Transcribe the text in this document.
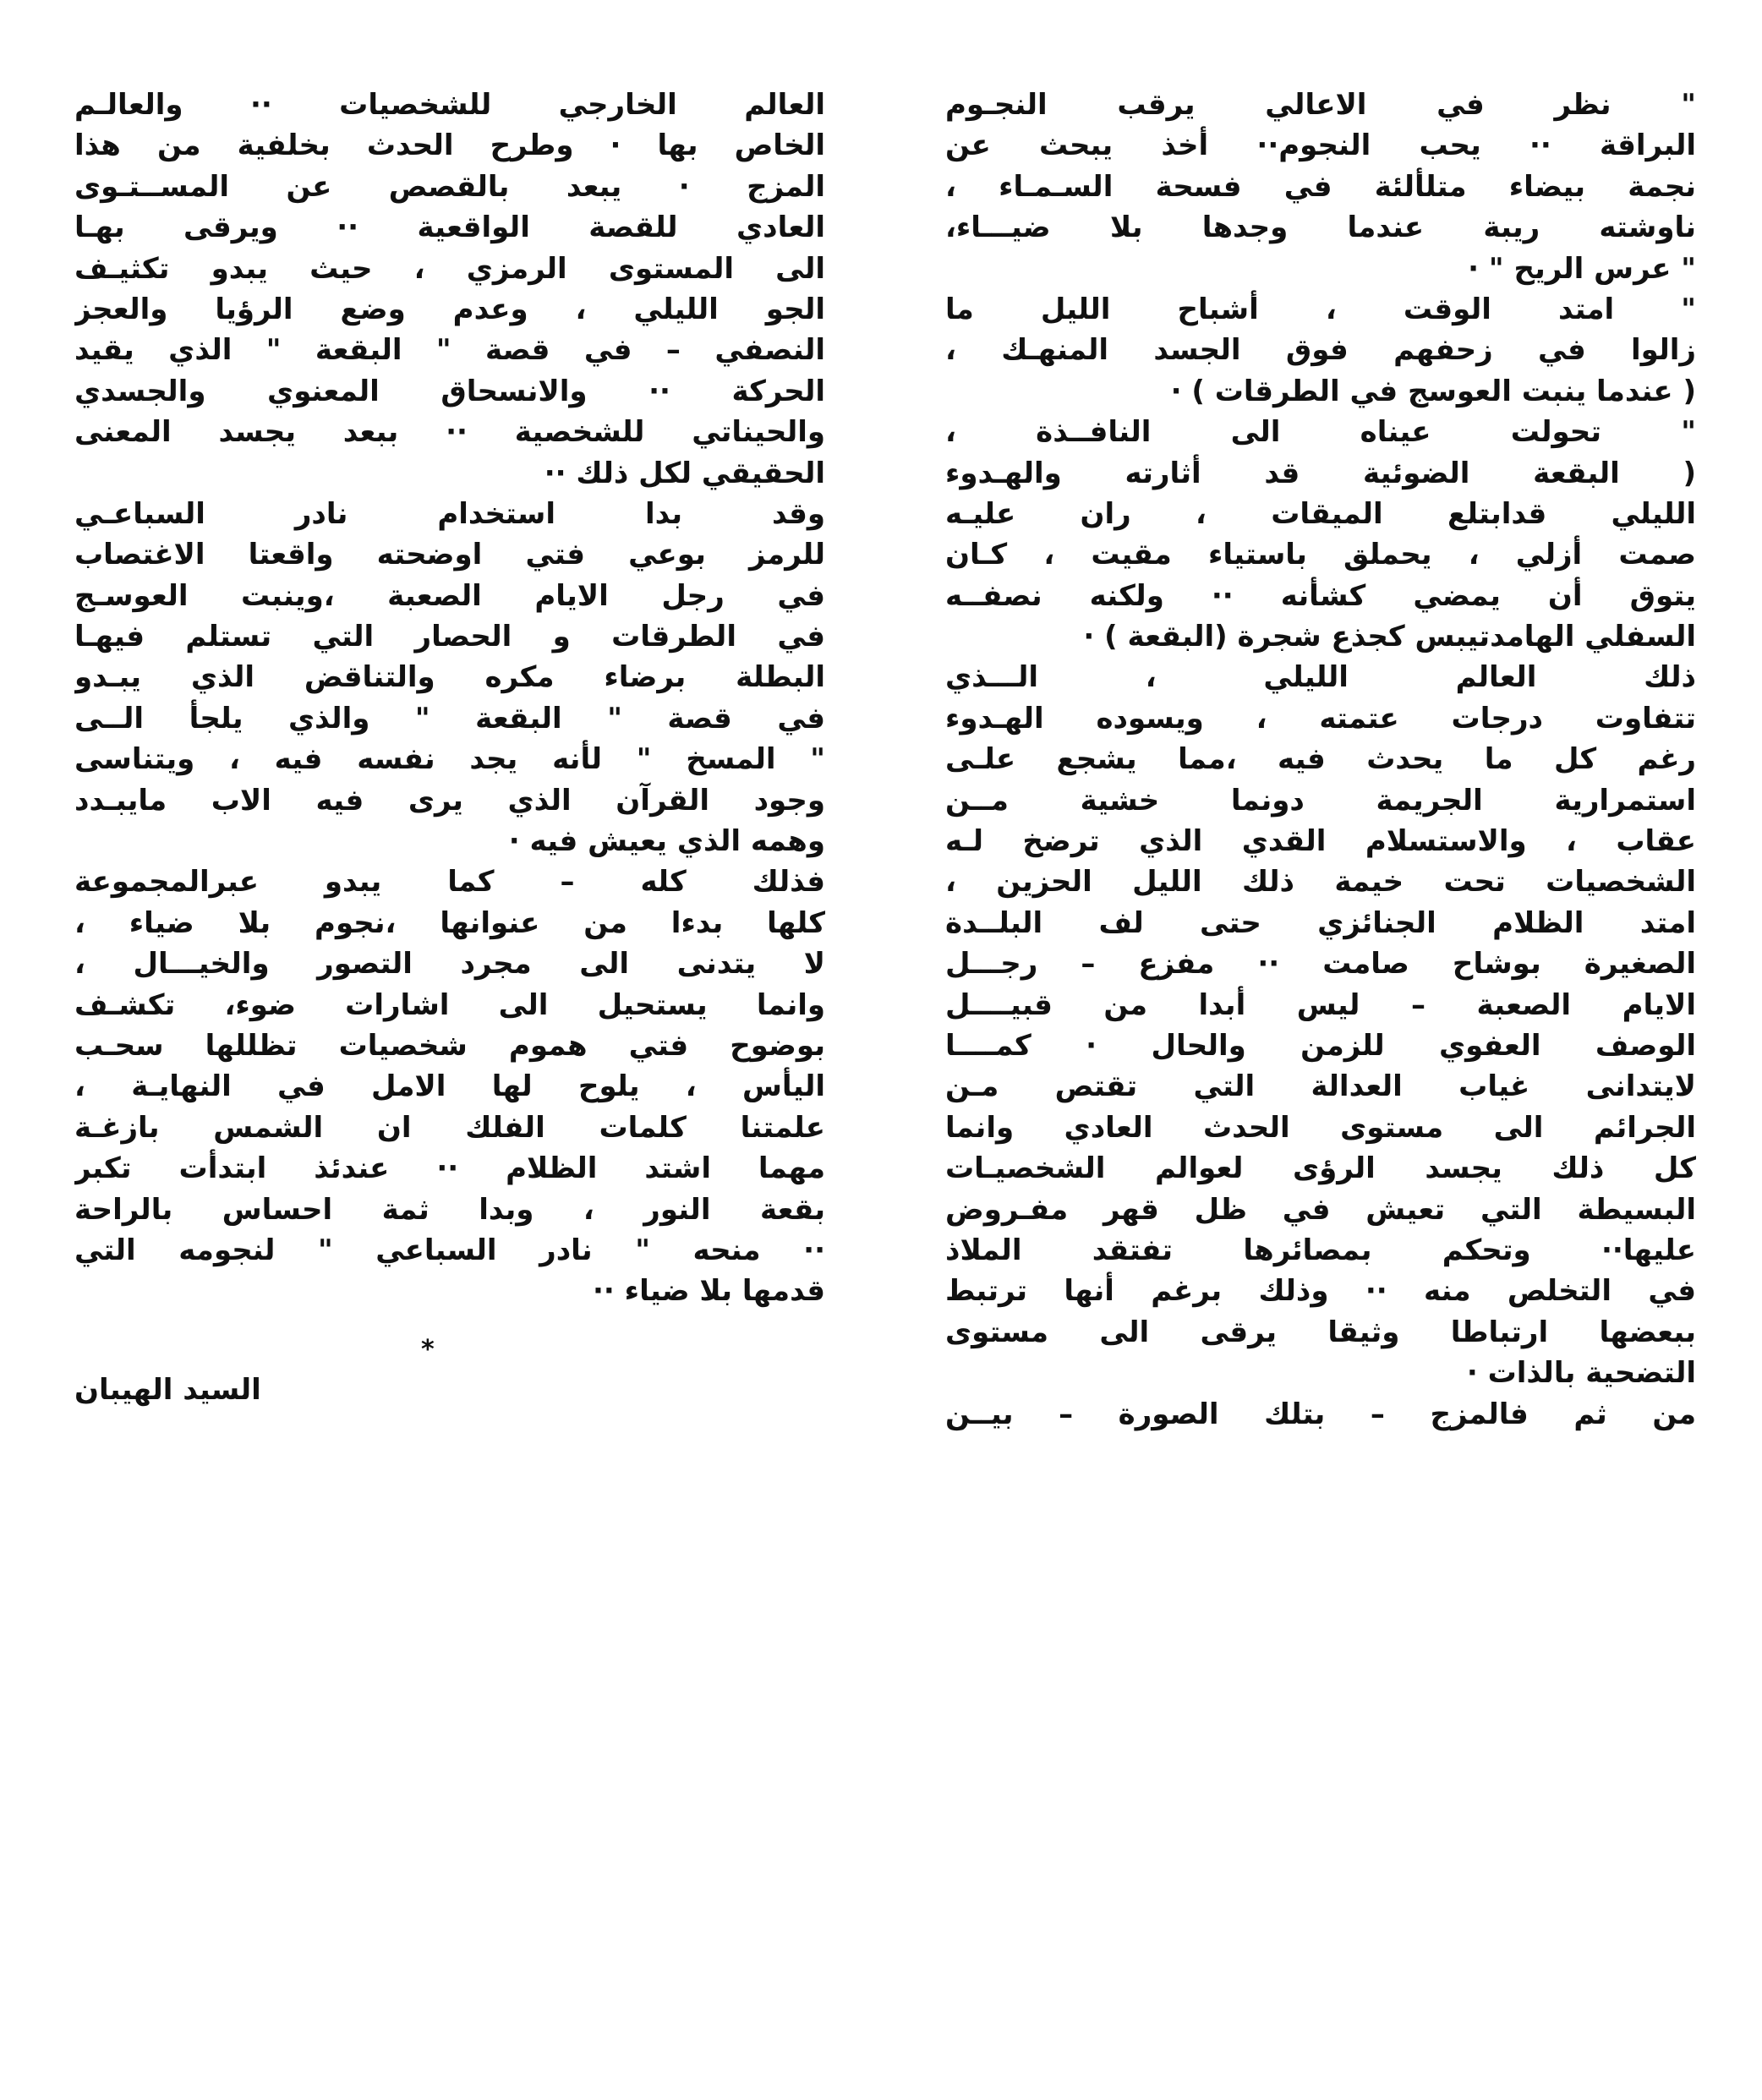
" نظر في الاعالي يرقب النجـوم
البراقة ·· يحب النجوم·· أخذ يبحث عن
نجمة بيضاء متلألئة في فسحة السـمـاء ،
ناوشته ريبة عندما وجدها بلا ضيـــاء،
" عرس الريح " ·
" امتد الوقت ، أشباح الليل ما
زالوا في زحفهم فوق الجسد المنهـك ،
( عندما ينبت العوسج في الطرقات ) ·
" تحولت عيناه الى النافــذة ،
( البقعة الضوئية قد أثارته والهـدوء
الليلي قدابتلع الميقات ، ران عليـه
صمت أزلي ، يحملق باستياء مقيت ، كـان
يتوق أن يمضي كشأنه ·· ولكنه نصفــه
السفلي الهامدتيبس كجذع شجرة (البقعة ) ·
ذلك العالم الليلي ، الـــذي
تتفاوت درجات عتمته ، ويسوده الهـدوء
رغم كل ما يحدث فيه ،مما يشجع علـى
استمرارية الجريمة دونما خشية مــن
عقاب ، والاستسلام القدي الذي ترضخ لـه
الشخصيات تحت خيمة ذلك الليل الحزين ،
امتد الظلام الجنائزي حتى لف البلــدة
الصغيرة بوشاح صامت ·· مفزع – رجـــل
الايام الصعبة – ليس أبدا من قبيــــل
الوصف العفوي للزمن والحال · كمــــا
لايتدانى غياب العدالة التي تقتص مـن
الجرائم الى مستوى الحدث العادي وانما
كل ذلك يجسد الرؤى لعوالم الشخصيـات
البسيطة التي تعيش في ظل قهر مفـروض
عليها·· وتحكم بمصائرها تفتقد الملاذ
في التخلص منه ·· وذلك برغم أنها ترتبط
ببعضها ارتباطا وثيقا يرقى الى مستوى
التضحية بالذات ·
من ثم فالمزج – بتلك الصورة – بيــن
العالم الخارجي للشخصيات ·· والعالـم
الخاص بها · وطرح الحدث بخلفية من هذا
المزج · يبعد بالقصص عن المســتـوى
العادي للقصة الواقعية ·· ويرقى بهـا
الى المستوى الرمزي ، حيث يبدو تكثيـف
الجو الليلي ، وعدم وضع الرؤيا والعجز
النصفي – في قصة " البقعة " الذي يقيد
الحركة ·· والانسحاق المعنوي والجسدي
والحيناتي للشخصية ·· ببعد يجسد المعنى
الحقيقي لكل ذلك ··
وقد بدا استخدام نادر السباعـي
للرمز بوعي فتي اوضحته واقعتا الاغتصاب
في رجل الايام الصعبة ،وينبت العوسـج
في الطرقات و الحصار التي تستلم فيهـا
البطلة برضاء مكره والتناقض الذي يبـدو
في قصة " البقعة " والذي يلجأ الــى
" المسخ " لأنه يجد نفسه فيه ، ويتناسى
وجود القرآن الذي يرى فيه الاب مايبـدد
وهمه الذي يعيش فيه ·
فذلك كله – كما يبدو عبرالمجموعة
كلها بدءا من عنوانها ،نجوم بلا ضياء ،
لا يتدنى الى مجرد التصور والخيـــال ،
وانما يستحيل الى اشارات ضوء، تكشـف
بوضوح فتي هموم شخصيات تظللها سحـب
اليأس ، يلوح لها الامل في النهايـة ،
علمتنا كلمات الفلك ان الشمس بازغـة
مهما اشتد الظلام ·· عندئذ ابتدأت تكبر
بقعة النور ، وبدا ثمة احساس بالراحة
·· منحه " نادر السباعي " لنجومه التي
قدمها بلا ضياء ··
*
السيد الهيبان
